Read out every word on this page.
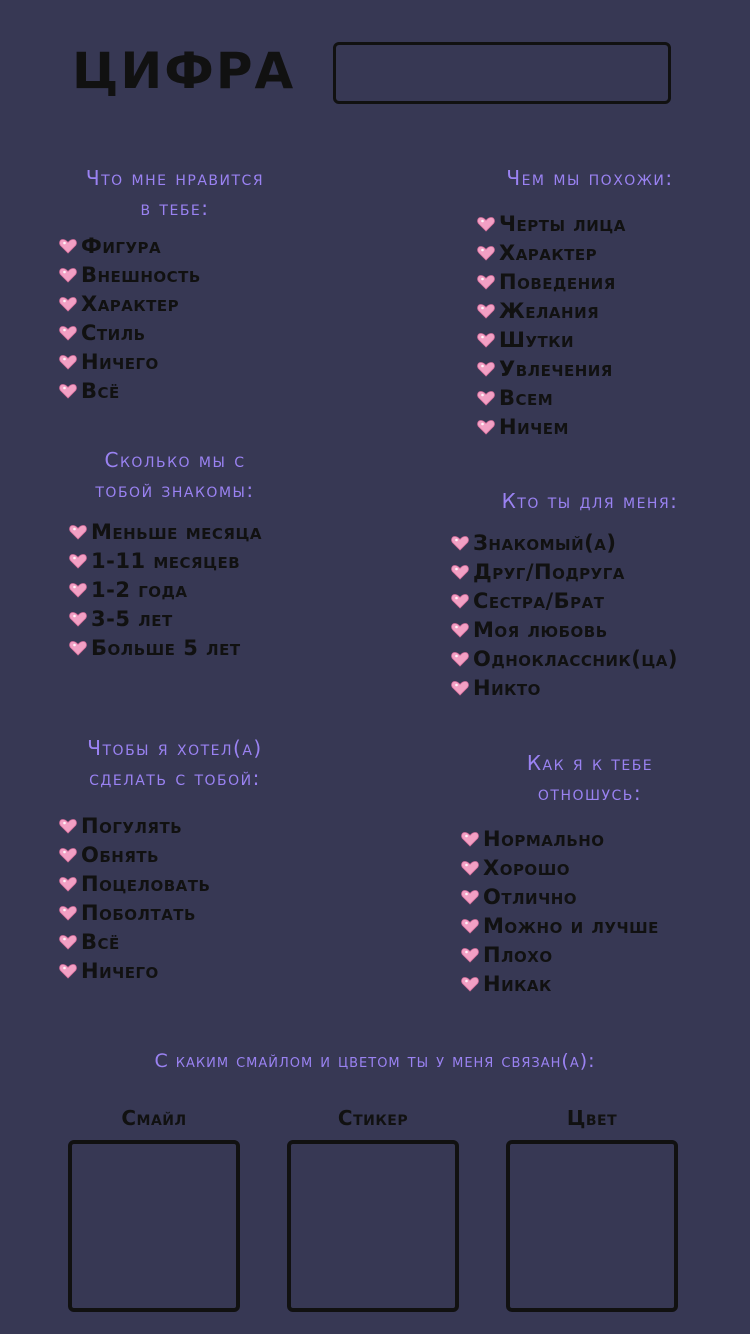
ЦИФРА
Что мне нравится
в тебе:
Фигура
Внешность
Характер
Стиль
Ничего
Всё
Сколько мы с
тобой знакомы:
Меньше месяца
1-11 месяцев
1-2 года
3-5 лет
Больше 5 лет
Чтобы я хотел(а)
сделать с тобой:
Погулять
Обнять
Поцеловать
Поболтать
Всё
Ничего
Чем мы похожи:
Черты лица
Характер
Поведения
Желания
Шутки
Увлечения
Всем
Ничем
Кто ты для меня:
Знакомый(а)
Друг/Подруга
Сестра/Брат
Моя любовь
Одноклассник(ца)
Никто
Как я к тебе
отношусь:
Нормально
Хорошо
Отлично
Можно и лучше
Плохо
Никак
С каким смайлом и цветом ты у меня связан(а):
Смайл	Стикер	Цвет
